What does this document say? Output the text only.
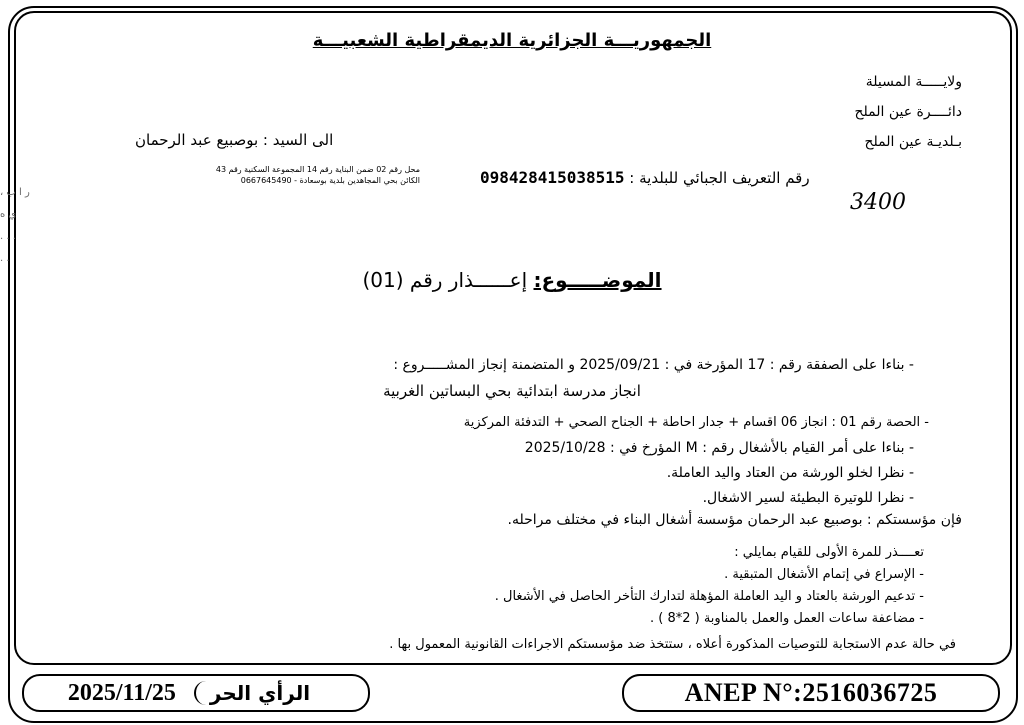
الجمهوريـــة الجزائرية الديمقراطية الشعبيـــة
ولايـــــة المسيلة
دائــــرة عين الملح
بـلديـة عين الملح
رقم التعريف الجبائي للبلدية : 098428415038515
الى السيد : بوصبيع عبد الرحمان
محل رقم 02 ضمن البناية رقم 14 المجموعة السكنية رقم 43
الكائن بحي المجاهدين بلدية بوسعادة - 0667645490
3400
، ر ا ب
ي ه
. . .
. .
الموضـــــوع: إعــــــذار رقم (01)
- بناءا على الصفقة رقم : 17 المؤرخة في : 2025/09/21 و المتضمنة إنجاز المشـــــروع :
انجاز مدرسة ابتدائية بحي البساتين الغربية
- الحصة رقم 01 : انجاز 06 اقسام + جدار احاطة + الجناح الصحي + التدفئة المركزية
- بناءا على أمر القيام بالأشغال رقم : M المؤرخ في : 2025/10/28
- نظرا لخلو الورشة من العتاد واليد العاملة.
- نظرا للوتيرة البطيئة لسير الاشغال.
فإن مؤسستكم : بوصبيع عبد الرحمان مؤسسة أشغال البناء في مختلف مراحله.
تعــــذر للمرة الأولى للقيام بمايلي :
- الإسراع في إتمام الأشغال المتبقية .
- تدعيم الورشة بالعتاد و اليد العاملة المؤهلة لتدارك التأخر الحاصل في الأشغال .
- مضاعفة ساعات العمل والعمل بالمناوبة ( 2*8 ) .
في حالة عدم الاستجابة للتوصيات المذكورة أعلاه ، ستتخذ ضد مؤسستكم الاجراءات القانونية المعمول بها .
2025/11/25	الرأي الحر	ANEP N°:2516036725
